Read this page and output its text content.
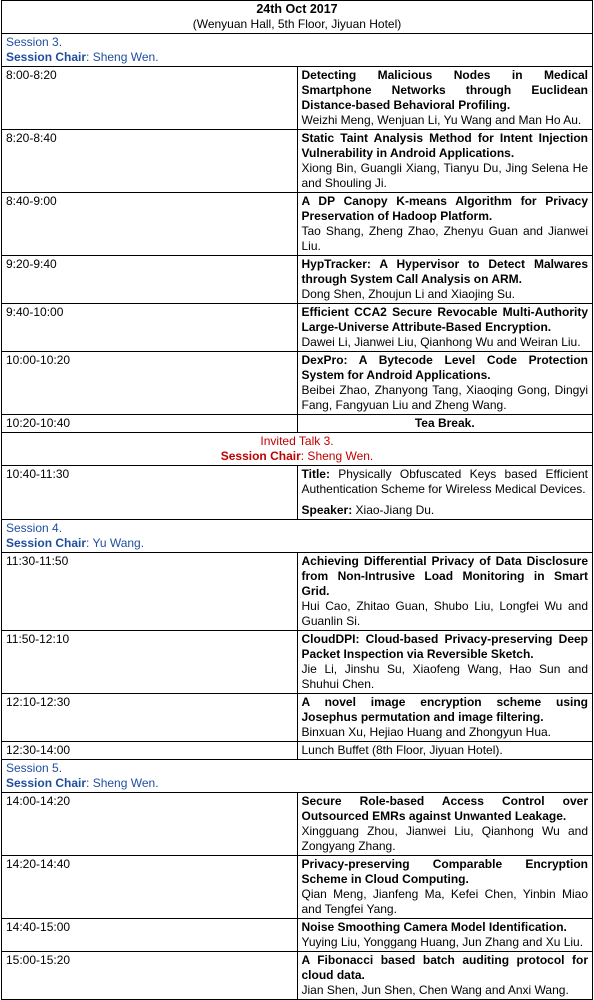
24th Oct 2017
(Wenyuan Hall, 5th Floor, Jiyuan Hotel)	

Session 3.
Session Chair: Sheng Wen.	

8:00-8:20	Detecting Malicious Nodes in Medical Smartphone Networks through Euclidean Distance-based Behavioral Profiling.
Weizhi Meng, Wenjuan Li, Yu Wang and Man Ho Au.

8:20-8:40	Static Taint Analysis Method for Intent Injection Vulnerability in Android Applications.
Xiong Bin, Guangli Xiang, Tianyu Du, Jing Selena He and Shouling Ji.

8:40-9:00	A DP Canopy K-means Algorithm for Privacy Preservation of Hadoop Platform.
Tao Shang, Zheng Zhao, Zhenyu Guan and Jianwei Liu.

9:20-9:40	HypTracker: A Hypervisor to Detect Malwares through System Call Analysis on ARM.
Dong Shen, Zhoujun Li and Xiaojing Su.

9:40-10:00	Efficient CCA2 Secure Revocable Multi-Authority Large-Universe Attribute-Based Encryption.
Dawei Li, Jianwei Liu, Qianhong Wu and Weiran Liu.

10:00-10:20	DexPro: A Bytecode Level Code Protection System for Android Applications.
Beibei Zhao, Zhanyong Tang, Xiaoqing Gong, Dingyi Fang, Fangyuan Liu and Zheng Wang.

10:20-10:40	Tea Break.

Invited Talk 3.
Session Chair: Sheng Wen.	

10:40-11:30	Title: Physically Obfuscated Keys based Efficient Authentication Scheme for Wireless Medical Devices.
Speaker: Xiao-Jiang Du.

Session 4.
Session Chair: Yu Wang.	

11:30-11:50	Achieving Differential Privacy of Data Disclosure from Non-Intrusive Load Monitoring in Smart Grid.
Hui Cao, Zhitao Guan, Shubo Liu, Longfei Wu and Guanlin Si.

11:50-12:10	CloudDPI: Cloud-based Privacy-preserving Deep Packet Inspection via Reversible Sketch.
Jie Li, Jinshu Su, Xiaofeng Wang, Hao Sun and Shuhui Chen.

12:10-12:30	A novel image encryption scheme using Josephus permutation and image filtering.
Binxuan Xu, Hejiao Huang and Zhongyun Hua.

12:30-14:00	Lunch Buffet (8th Floor, Jiyuan Hotel).

Session 5.
Session Chair: Sheng Wen.	

14:00-14:20	Secure Role-based Access Control over Outsourced EMRs against Unwanted Leakage.
Xingguang Zhou, Jianwei Liu, Qianhong Wu and Zongyang Zhang.

14:20-14:40	Privacy-preserving Comparable Encryption Scheme in Cloud Computing.
Qian Meng, Jianfeng Ma, Kefei Chen, Yinbin Miao and Tengfei Yang.

14:40-15:00	Noise Smoothing Camera Model Identification.
Yuying Liu, Yonggang Huang, Jun Zhang and Xu Liu.

15:00-15:20	A Fibonacci based batch auditing protocol for cloud data.
Jian Shen, Jun Shen, Chen Wang and Anxi Wang.
